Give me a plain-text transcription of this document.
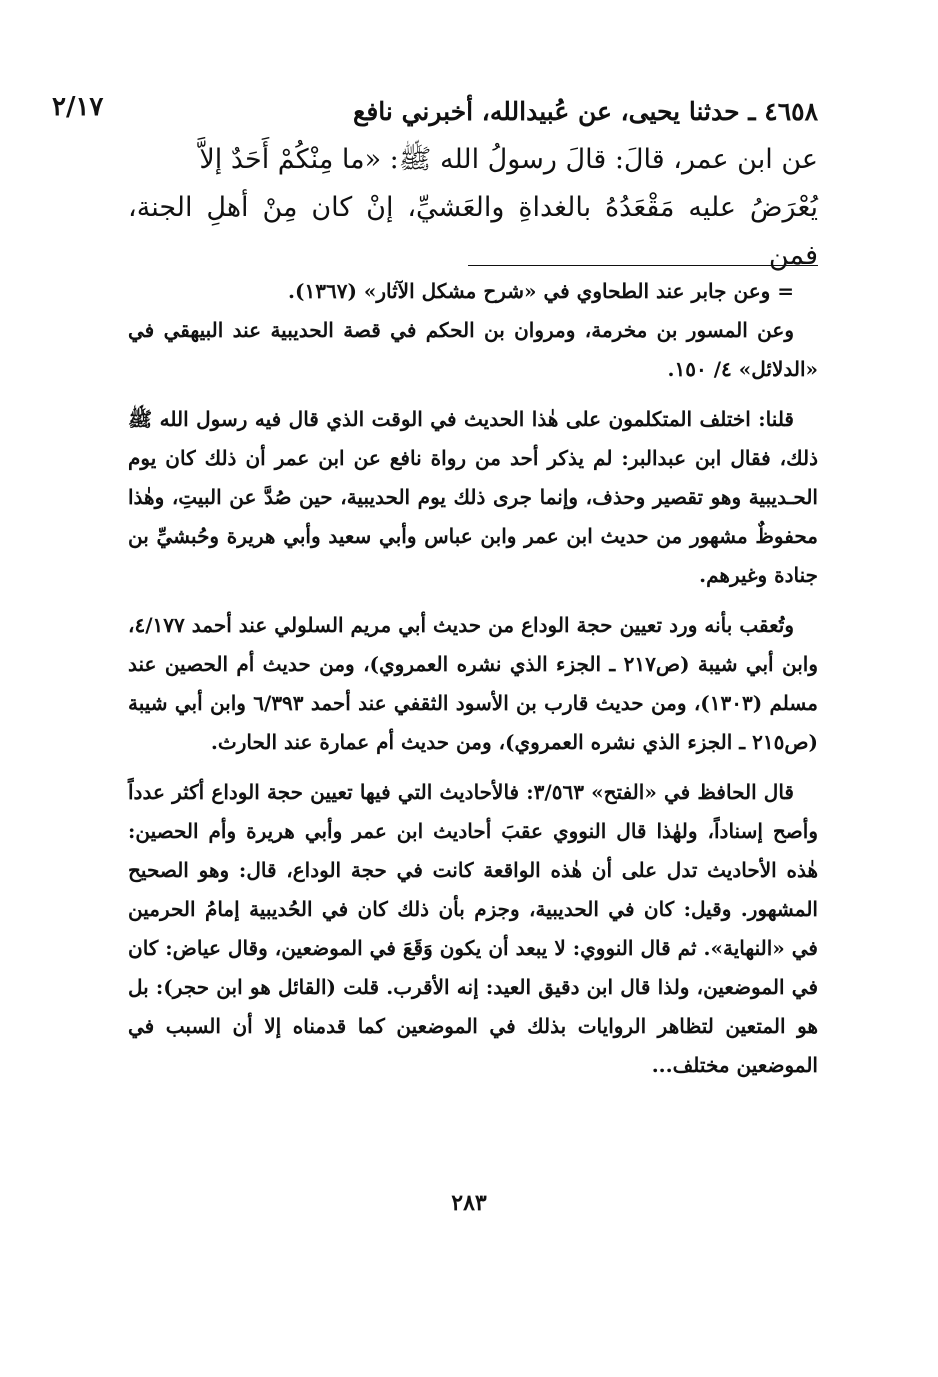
٢/١٧	٤٦٥٨ ـ حدثنا يحيى، عن عُبيدالله، أخبرني نافع
عن ابن عمر، قالَ: قالَ رسولُ الله ﷺ: «ما مِنْكُمْ أَحَدٌ إلاَّ
يُعْرَضُ عليه مَقْعَدُهُ بالغداةِ والعَشيِّ، إنْ كان مِنْ أهلِ الجنة، فمن

= وعن جابر عند الطحاوي في «شرح مشكل الآثار» (١٣٦٧).

وعن المسور بن مخرمة، ومروان بن الحكم في قصة الحديبية عند البيهقي في «الدلائل» ٤/ ١٥٠.

قلنا: اختلف المتكلمون على هٰذا الحديث في الوقت الذي قال فيه رسول الله ﷺ ذلك، فقال ابن عبدالبر: لم يذكر أحد من رواة نافع عن ابن عمر أن ذلك كان يوم الحـديبية وهو تقصير وحذف، وإنما جرى ذلك يوم الحديبية، حين صُدَّ عن البيتِ، وهٰذا محفوظٌ مشهور من حديث ابن عمر وابن عباس وأبي سعيد وأبي هريرة وحُبشيِّ بن جنادة وغيرهم.

وتُعقب بأنه ورد تعيين حجة الوداع من حديث أبي مريم السلولي عند أحمد ٤/١٧٧، وابن أبي شيبة (ص٢١٧ ـ الجزء الذي نشره العمروي)، ومن حديث أم الحصين عند مسلم (١٣٠٣)، ومن حديث قارب بن الأسود الثقفي عند أحمد ٦/٣٩٣ وابن أبي شيبة (ص٢١٥ ـ الجزء الذي نشره العمروي)، ومن حديث أم عمارة عند الحارث.

قال الحافظ في «الفتح» ٣/٥٦٣: فالأحاديث التي فيها تعيين حجة الوداع أكثر عدداً وأصح إسناداً، ولهٰذا قال النووي عقبَ أحاديث ابن عمر وأبي هريرة وأم الحصين: هٰذه الأحاديث تدل على أن هٰذه الواقعة كانت في حجة الوداع، قال: وهو الصحيح المشهور. وقيل: كان في الحديبية، وجزم بأن ذلك كان في الحُديبية إمامُ الحرمين في «النهاية». ثم قال النووي: لا يبعد أن يكون وَقَعَ في الموضعين، وقال عياض: كان في الموضعين، ولذا قال ابن دقيق العيد: إنه الأقرب. قلت (القائل هو ابن حجر): بل هو المتعين لتظاهر الروايات بذلك في الموضعين كما قدمناه إلا أن السبب في الموضعين مختلف...

٢٨٣
